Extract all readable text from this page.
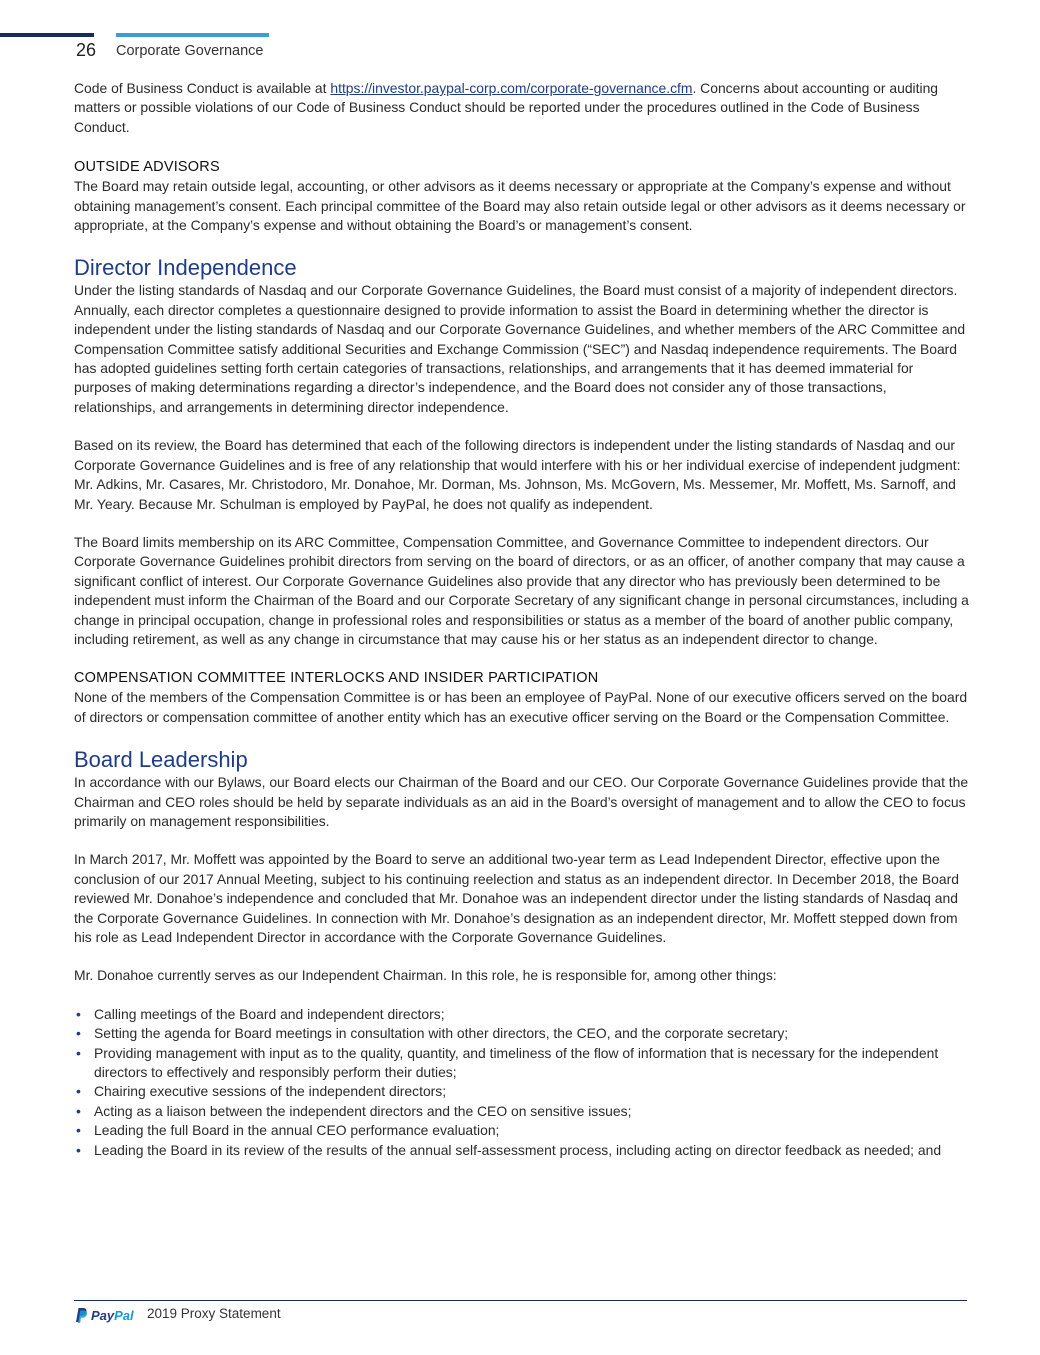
26 Corporate Governance

Code of Business Conduct is available at https://investor.paypal-corp.com/corporate-governance.cfm. Concerns about accounting or auditing matters or possible violations of our Code of Business Conduct should be reported under the procedures outlined in the Code of Business Conduct.

OUTSIDE ADVISORS

The Board may retain outside legal, accounting, or other advisors as it deems necessary or appropriate at the Company’s expense and without obtaining management’s consent. Each principal committee of the Board may also retain outside legal or other advisors as it deems necessary or appropriate, at the Company’s expense and without obtaining the Board’s or management’s consent.

Director Independence

Under the listing standards of Nasdaq and our Corporate Governance Guidelines, the Board must consist of a majority of independent directors. Annually, each director completes a questionnaire designed to provide information to assist the Board in determining whether the director is independent under the listing standards of Nasdaq and our Corporate Governance Guidelines, and whether members of the ARC Committee and Compensation Committee satisfy additional Securities and Exchange Commission (“SEC”) and Nasdaq independence requirements. The Board has adopted guidelines setting forth certain categories of transactions, relationships, and arrangements that it has deemed immaterial for purposes of making determinations regarding a director’s independence, and the Board does not consider any of those transactions, relationships, and arrangements in determining director independence.

Based on its review, the Board has determined that each of the following directors is independent under the listing standards of Nasdaq and our Corporate Governance Guidelines and is free of any relationship that would interfere with his or her individual exercise of independent judgment: Mr. Adkins, Mr. Casares, Mr. Christodoro, Mr. Donahoe, Mr. Dorman, Ms. Johnson, Ms. McGovern, Ms. Messemer, Mr. Moffett, Ms. Sarnoff, and Mr. Yeary. Because Mr. Schulman is employed by PayPal, he does not qualify as independent.

The Board limits membership on its ARC Committee, Compensation Committee, and Governance Committee to independent directors. Our Corporate Governance Guidelines prohibit directors from serving on the board of directors, or as an officer, of another company that may cause a significant conflict of interest. Our Corporate Governance Guidelines also provide that any director who has previously been determined to be independent must inform the Chairman of the Board and our Corporate Secretary of any significant change in personal circumstances, including a change in principal occupation, change in professional roles and responsibilities or status as a member of the board of another public company, including retirement, as well as any change in circumstance that may cause his or her status as an independent director to change.

COMPENSATION COMMITTEE INTERLOCKS AND INSIDER PARTICIPATION

None of the members of the Compensation Committee is or has been an employee of PayPal. None of our executive officers served on the board of directors or compensation committee of another entity which has an executive officer serving on the Board or the Compensation Committee.

Board Leadership

In accordance with our Bylaws, our Board elects our Chairman of the Board and our CEO. Our Corporate Governance Guidelines provide that the Chairman and CEO roles should be held by separate individuals as an aid in the Board’s oversight of management and to allow the CEO to focus primarily on management responsibilities.

In March 2017, Mr. Moffett was appointed by the Board to serve an additional two-year term as Lead Independent Director, effective upon the conclusion of our 2017 Annual Meeting, subject to his continuing reelection and status as an independent director. In December 2018, the Board reviewed Mr. Donahoe’s independence and concluded that Mr. Donahoe was an independent director under the listing standards of Nasdaq and the Corporate Governance Guidelines. In connection with Mr. Donahoe’s designation as an independent director, Mr. Moffett stepped down from his role as Lead Independent Director in accordance with the Corporate Governance Guidelines.

Mr. Donahoe currently serves as our Independent Chairman. In this role, he is responsible for, among other things:

• Calling meetings of the Board and independent directors;
• Setting the agenda for Board meetings in consultation with other directors, the CEO, and the corporate secretary;
• Providing management with input as to the quality, quantity, and timeliness of the flow of information that is necessary for the independent directors to effectively and responsibly perform their duties;
• Chairing executive sessions of the independent directors;
• Acting as a liaison between the independent directors and the CEO on sensitive issues;
• Leading the full Board in the annual CEO performance evaluation;
• Leading the Board in its review of the results of the annual self-assessment process, including acting on director feedback as needed; and
PayPal 2019 Proxy Statement
